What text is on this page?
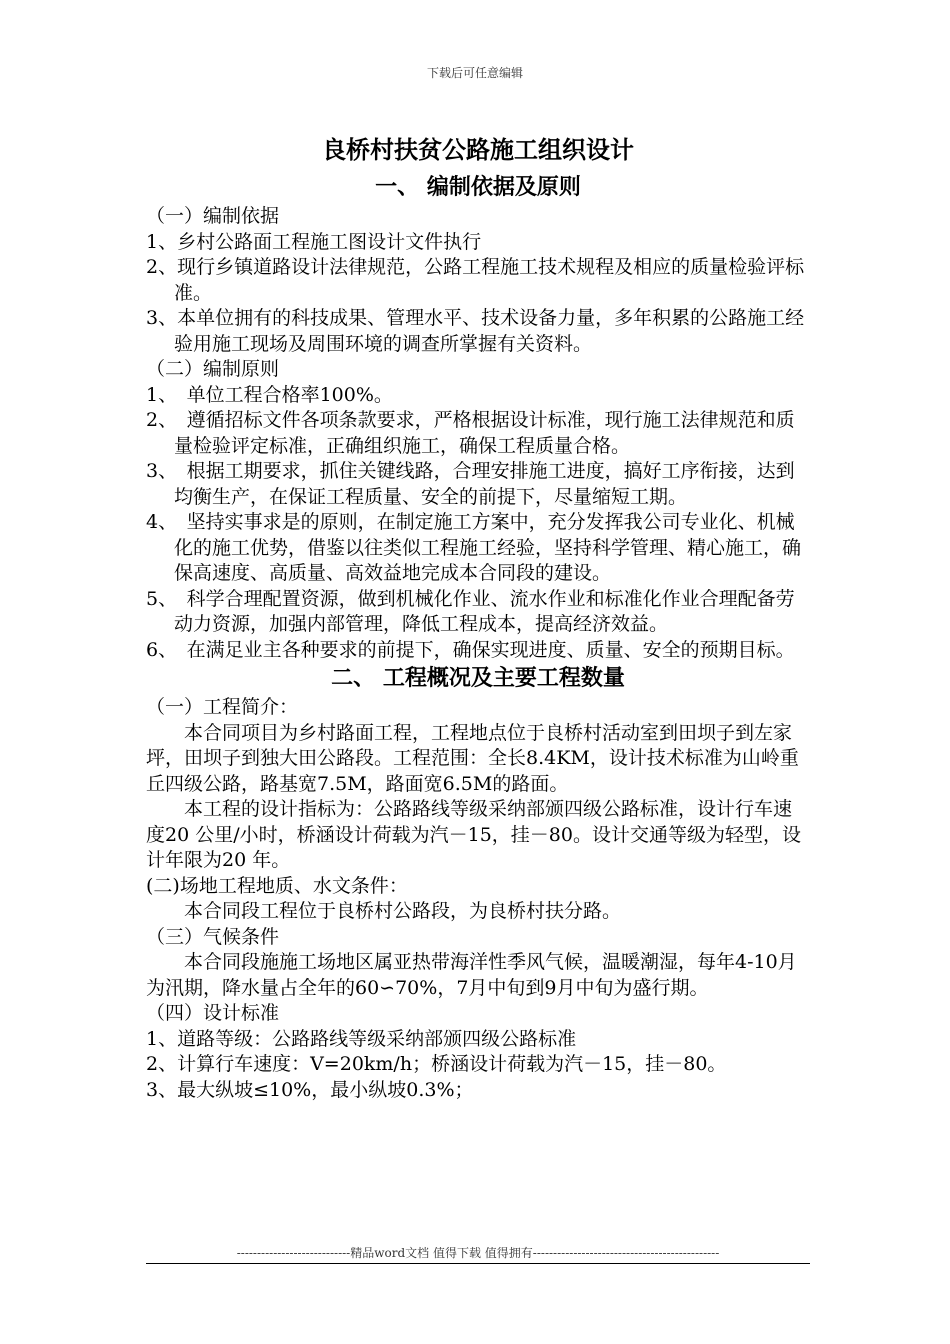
下载后可任意编辑
良桥村扶贫公路施工组织设计
一、 编制依据及原则

（一）编制依据

1、乡村公路面工程施工图设计文件执行

2、现行乡镇道路设计法律规范，公路工程施工技术规程及相应的质量检验评标准。

3、本单位拥有的科技成果、管理水平、技术设备力量，多年积累的公路施工经验用施工现场及周围环境的调查所掌握有关资料。

（二）编制原则

1、　单位工程合格率100%。

2、　遵循招标文件各项条款要求，严格根据设计标准，现行施工法律规范和质量检验评定标准，正确组织施工，确保工程质量合格。

3、　根据工期要求，抓住关键线路，合理安排施工进度，搞好工序衔接，达到均衡生产，在保证工程质量、安全的前提下，尽量缩短工期。

4、　坚持实事求是的原则，在制定施工方案中，充分发挥我公司专业化、机械化的施工优势，借鉴以往类似工程施工经验，坚持科学管理、精心施工，确保高速度、高质量、高效益地完成本合同段的建设。

5、　科学合理配置资源，做到机械化作业、流水作业和标准化作业合理配备劳动力资源，加强内部管理，降低工程成本，提高经济效益。

6、　在满足业主各种要求的前提下，确保实现进度、质量、安全的预期目标。

二、 工程概况及主要工程数量

（一）工程简介：

本合同项目为乡村路面工程，工程地点位于良桥村活动室到田坝子到左家坪，田坝子到独大田公路段。工程范围：全长8.4KM，设计技术标准为山岭重丘四级公路，路基宽7.5M，路面宽6.5M的路面。

本工程的设计指标为：公路路线等级采纳部颁四级公路标准，设计行车速度20 公里/小时，桥涵设计荷载为汽－15，挂－80。设计交通等级为轻型，设计年限为20 年。

(二)场地工程地质、水文条件：

本合同段工程位于良桥村公路段，为良桥村扶分路。

（三）气候条件

本合同段施施工场地区属亚热带海洋性季风气候，温暖潮湿，每年4-10月为汛期，降水量占全年的60∽70%，7月中旬到9月中旬为盛行期。

（四）设计标准

1、道路等级：公路路线等级采纳部颁四级公路标准

2、计算行车速度：V=20km/h；桥涵设计荷载为汽－15，挂－80。

3、最大纵坡≤10%，最小纵坡0.3%；

----------------------------精品word文档 值得下载 值得拥有----------------------------------------------
